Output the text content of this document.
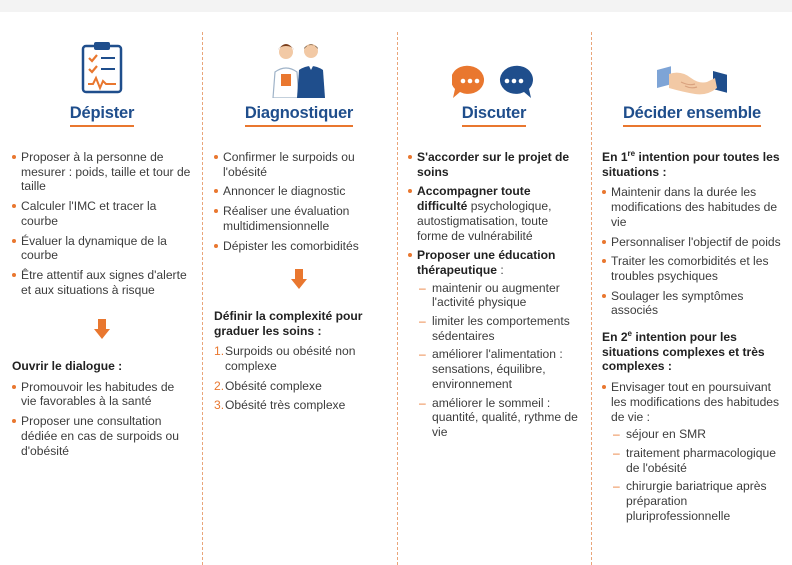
Dépister
Proposer à la personne de mesurer : poids, taille et tour de taille
Calculer l'IMC et tracer la courbe
Évaluer la dynamique de la courbe
Être attentif aux signes d'alerte et aux situations à risque
Ouvrir le dialogue :
Promouvoir les habitudes de vie favorables à la santé
Proposer une consultation dédiée en cas de surpoids ou d'obésité
Diagnostiquer
Confirmer le surpoids ou l'obésité
Annoncer le diagnostic
Réaliser une évaluation multidimensionnelle
Dépister les comorbidités
Définir la complexité pour graduer les soins :
1. Surpoids ou obésité non complexe
2. Obésité complexe
3. Obésité très complexe
Discuter
S'accorder sur le projet de soins
Accompagner toute difficulté psychologique, autostigmatisation, toute forme de vulnérabilité
Proposer une éducation thérapeutique :
– maintenir ou augmenter l'activité physique
– limiter les comportements sédentaires
– améliorer l'alimentation : sensations, équilibre, environnement
– améliorer le sommeil : quantité, qualité, rythme de vie
Décider ensemble
En 1re intention pour toutes les situations :
Maintenir dans la durée les modifications des habitudes de vie
Personnaliser l'objectif de poids
Traiter les comorbidités et les troubles psychiques
Soulager les symptômes associés
En 2e intention pour les situations complexes et très complexes :
Envisager tout en poursuivant les modifications des habitudes de vie :
– séjour en SMR
– traitement pharmacologique de l'obésité
– chirurgie bariatrique après préparation pluriprofessionnelle
